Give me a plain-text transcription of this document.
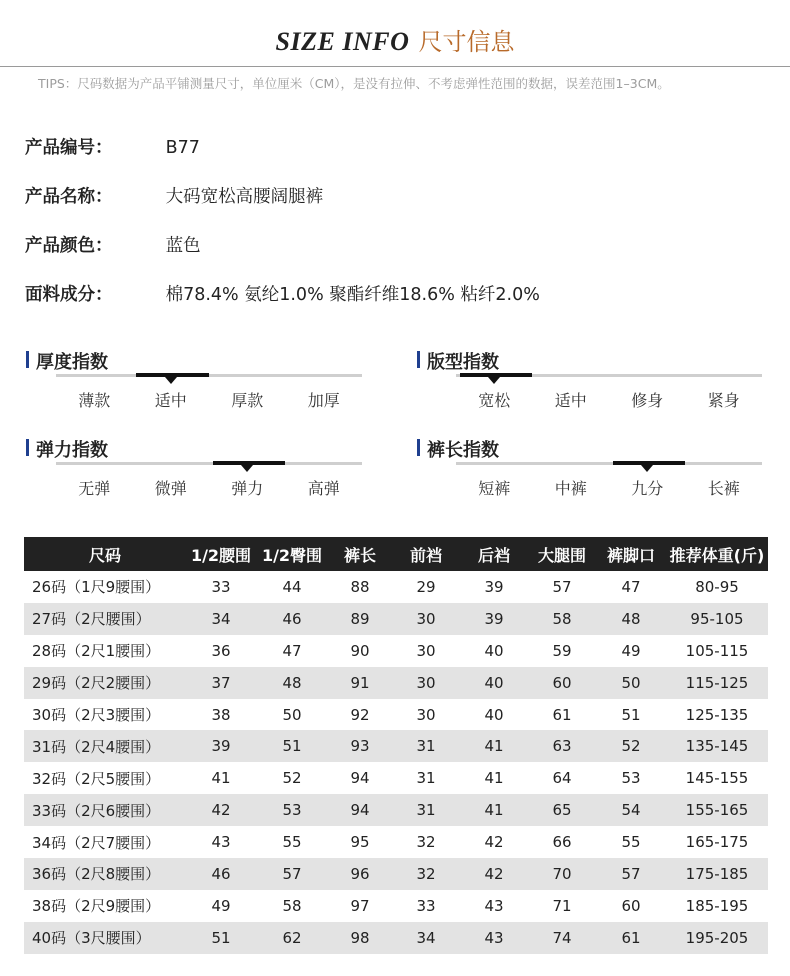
SIZE INFO 尺寸信息
TIPS：尺码数据为产品平铺测量尺寸，单位厘米（CM），是没有拉伸、不考虑弹性范围的数据，误差范围1–3CM。
产品编号：	B77
产品名称：	大码宽松高腰阔腿裤
产品颜色：	蓝色
面料成分：	棉78.4% 氨纶1.0% 聚酯纤维18.6% 粘纤2.0%
厚度指数
薄款	适中	厚款	加厚
版型指数
宽松	适中	修身	紧身
弹力指数
无弹	微弹	弹力	高弹
裤长指数
短裤	中裤	九分	长裤
尺码	1/2腰围	1/2臀围	裤长	前裆	后裆	大腿围	裤脚口	推荐体重(斤)
26码（1尺9腰围）	33	44	88	29	39	57	47	80-95
27码（2尺腰围）	34	46	89	30	39	58	48	95-105
28码（2尺1腰围）	36	47	90	30	40	59	49	105-115
29码（2尺2腰围）	37	48	91	30	40	60	50	115-125
30码（2尺3腰围）	38	50	92	30	40	61	51	125-135
31码（2尺4腰围）	39	51	93	31	41	63	52	135-145
32码（2尺5腰围）	41	52	94	31	41	64	53	145-155
33码（2尺6腰围）	42	53	94	31	41	65	54	155-165
34码（2尺7腰围）	43	55	95	32	42	66	55	165-175
36码（2尺8腰围）	46	57	96	32	42	70	57	175-185
38码（2尺9腰围）	49	58	97	33	43	71	60	185-195
40码（3尺腰围）	51	62	98	34	43	74	61	195-205
